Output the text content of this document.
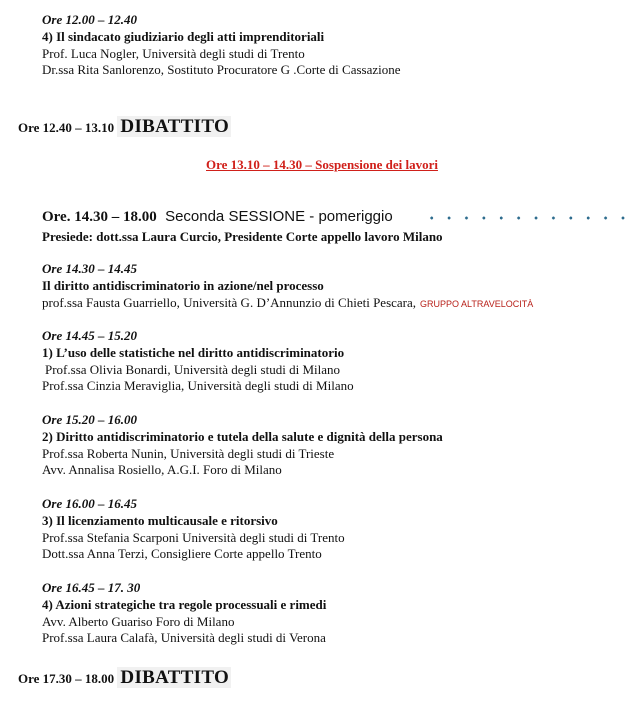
Ore 12.00 – 12.40
4) Il sindacato giudiziario degli atti imprenditoriali
Prof. Luca Nogler, Università degli studi di Trento
Dr.ssa Rita Sanlorenzo, Sostituto Procuratore G .Corte di Cassazione
Ore 12.40 – 13.10 DIBATTITO
Ore 13.10 – 14.30 – Sospensione dei lavori
Ore. 14.30 – 18.00 Seconda SESSIONE - pomeriggio
Presiede: dott.ssa Laura Curcio, Presidente Corte appello lavoro Milano
Ore 14.30 – 14.45
Il diritto antidiscriminatorio in azione/nel processo
prof.ssa Fausta Guarriello, Università G. D’Annunzio di Chieti Pescara, GRUPPO ALTRAVELOCITÀ
Ore 14.45 – 15.20
1) L’uso delle statistiche nel diritto antidiscriminatorio
Prof.ssa Olivia Bonardi, Università degli studi di Milano
Prof.ssa Cinzia Meraviglia, Università degli studi di Milano
Ore 15.20 – 16.00
2) Diritto antidiscriminatorio e tutela della salute e dignità della persona
Prof.ssa Roberta Nunin, Università degli studi di Trieste
Avv. Annalisa Rosiello, A.G.I. Foro di Milano
Ore 16.00 – 16.45
3) Il licenziamento multicausale e ritorsivo
Prof.ssa Stefania Scarponi Università degli studi di Trento
Dott.ssa Anna Terzi, Consigliere Corte appello Trento
Ore 16.45 – 17. 30
4) Azioni strategiche tra regole processuali e rimedi
Avv. Alberto Guariso Foro di Milano
Prof.ssa Laura Calafà, Università degli studi di Verona
Ore 17.30 – 18.00 DIBATTITO
